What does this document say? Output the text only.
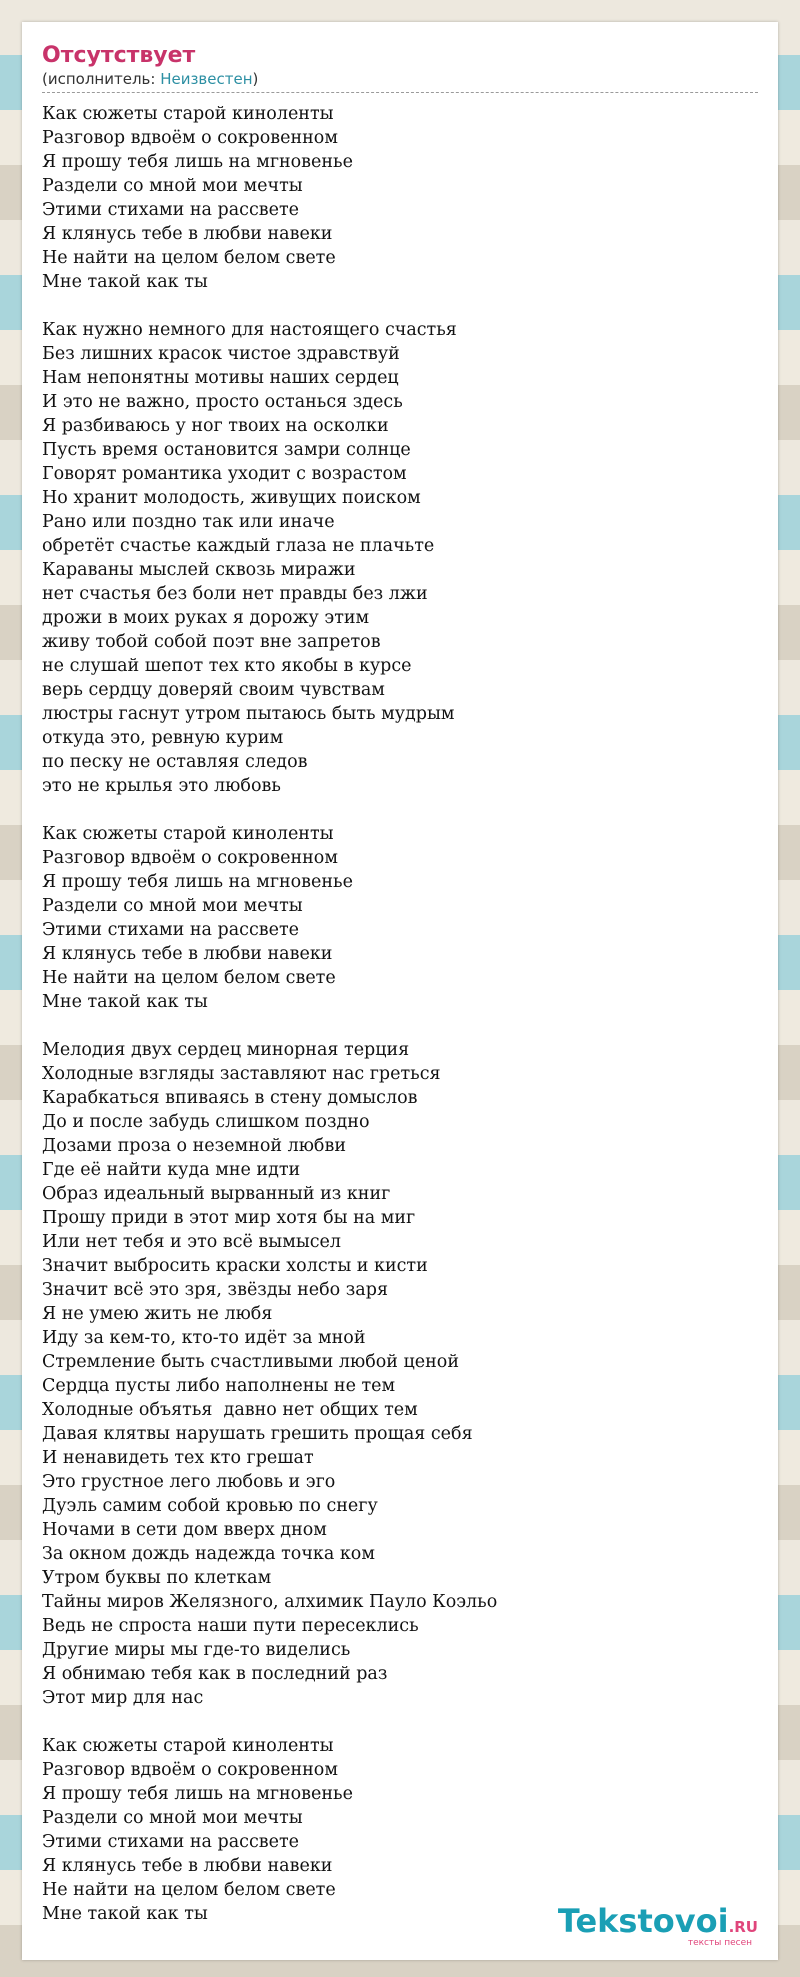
Отсутствует
(исполнитель: Неизвестен)
Как сюжеты старой киноленты
Разговор вдвоём о сокровенном
Я прошу тебя лишь на мгновенье
Раздели со мной мои мечты
Этими стихами на рассвете
Я клянусь тебе в любви навеки
Не найти на целом белом свете
Мне такой как ты

Как нужно немного для настоящего счастья
Без лишних красок чистое здравствуй
Нам непонятны мотивы наших сердец
И это не важно, просто останься здесь
Я разбиваюсь у ног твоих на осколки
Пусть время остановится замри солнце
Говорят романтика уходит с возрастом
Но хранит молодость, живущих поиском
Рано или поздно так или иначе
обретёт счастье каждый глаза не плачьте
Караваны мыслей сквозь миражи
нет счастья без боли нет правды без лжи
дрожи в моих руках я дорожу этим
живу тобой собой поэт вне запретов
не слушай шепот тех кто якобы в курсе
верь сердцу доверяй своим чувствам
люстры гаснут утром пытаюсь быть мудрым
откуда это, ревную курим
по песку не оставляя следов
это не крылья это любовь

Как сюжеты старой киноленты
Разговор вдвоём о сокровенном
Я прошу тебя лишь на мгновенье
Раздели со мной мои мечты
Этими стихами на рассвете
Я клянусь тебе в любви навеки
Не найти на целом белом свете
Мне такой как ты

Мелодия двух сердец минорная терция
Холодные взгляды заставляют нас греться
Карабкаться впиваясь в стену домыслов
До и после забудь слишком поздно
Дозами проза о неземной любви
Где её найти куда мне идти
Образ идеальный вырванный из книг
Прошу приди в этот мир хотя бы на миг
Или нет тебя и это всё вымысел
Значит выбросить краски холсты и кисти
Значит всё это зря, звёзды небо заря
Я не умею жить не любя
Иду за кем-то, кто-то идёт за мной
Стремление быть счастливыми любой ценой
Сердца пусты либо наполнены не тем
Холодные объятья  давно нет общих тем
Давая клятвы нарушать грешить прощая себя
И ненавидеть тех кто грешат
Это грустное лего любовь и эго
Дуэль самим собой кровью по снегу
Ночами в сети дом вверх дном
За окном дождь надежда точка ком
Утром буквы по клеткам
Тайны миров Желязного, алхимик Пауло Коэльо
Ведь не спроста наши пути пересеклись
Другие миры мы где-то виделись
Я обнимаю тебя как в последний раз
Этот мир для нас

Как сюжеты старой киноленты
Разговор вдвоём о сокровенном
Я прошу тебя лишь на мгновенье
Раздели со мной мои мечты
Этими стихами на рассвете
Я клянусь тебе в любви навеки
Не найти на целом белом свете
Мне такой как ты	Tekstovoi.RU
тексты песен
